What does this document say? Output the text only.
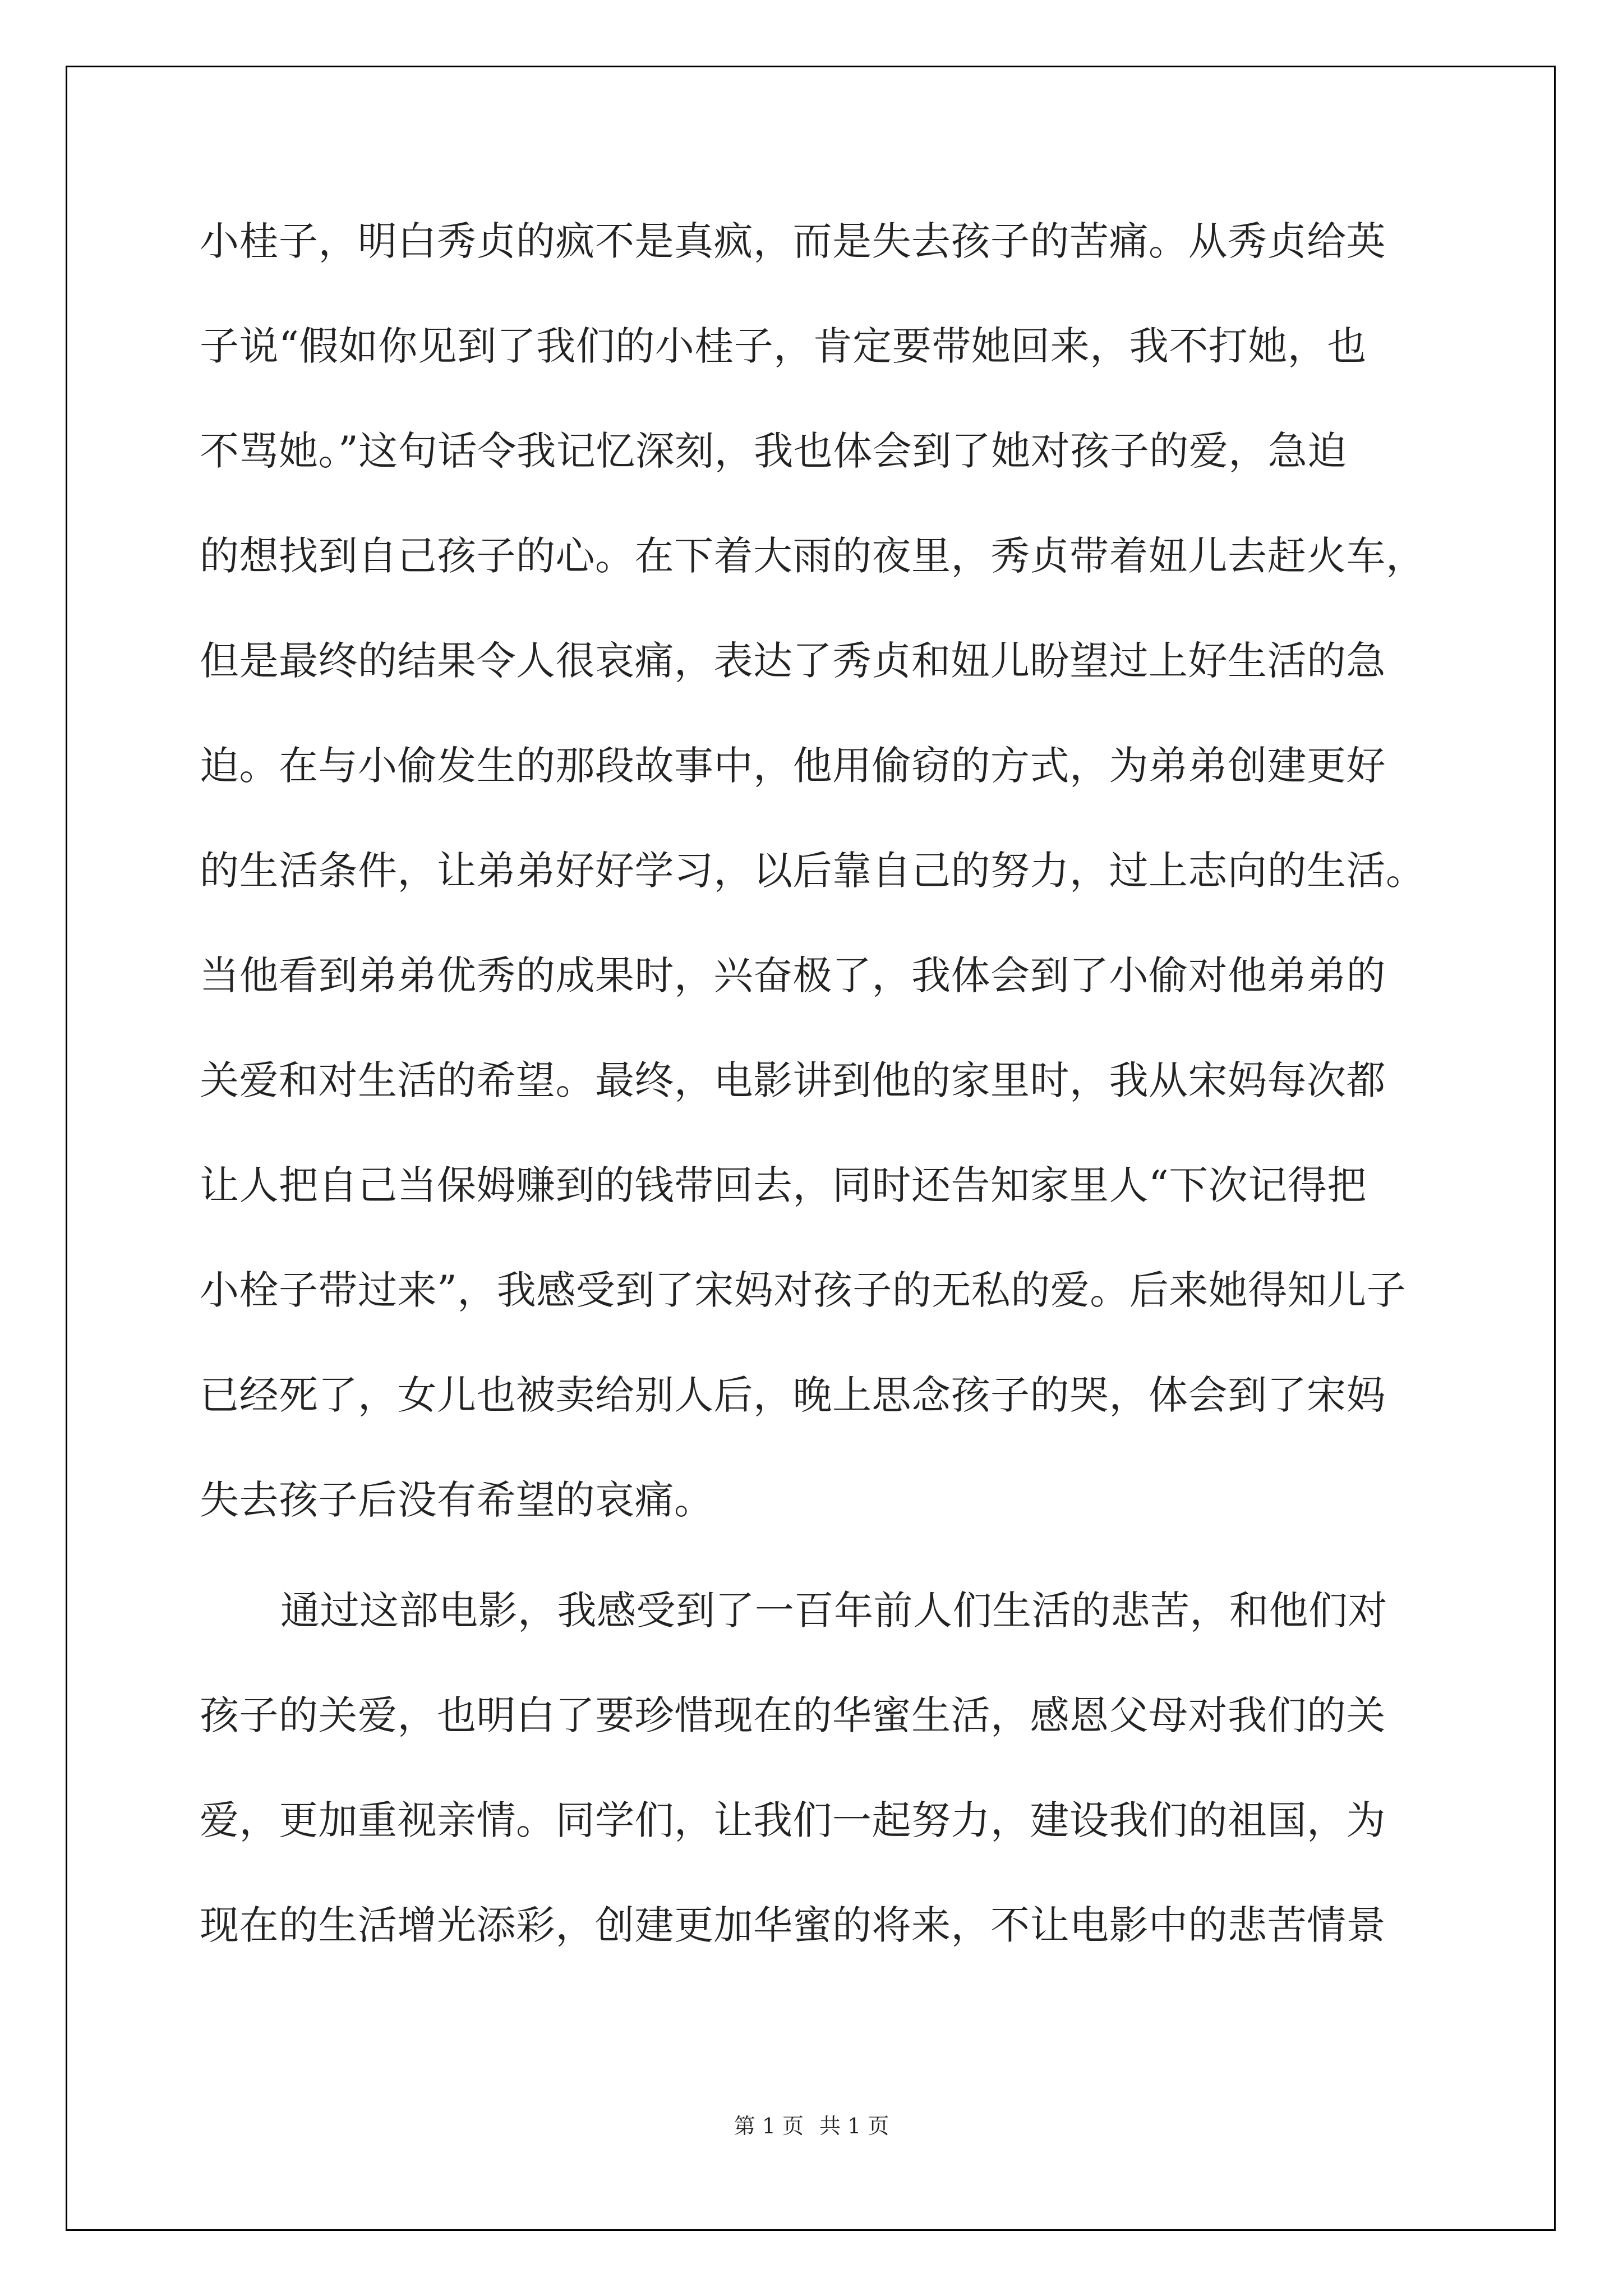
小桂子，明白秀贞的疯不是真疯，而是失去孩子的苦痛。从秀贞给英
子说“假如你见到了我们的小桂子，肯定要带她回来，我不打她，也
不骂她。”这句话令我记忆深刻，我也体会到了她对孩子的爱，急迫
的想找到自己孩子的心。在下着大雨的夜里，秀贞带着妞儿去赶火车，
但是最终的结果令人很哀痛，表达了秀贞和妞儿盼望过上好生活的急
迫。在与小偷发生的那段故事中，他用偷窃的方式，为弟弟创建更好
的生活条件，让弟弟好好学习，以后靠自己的努力，过上志向的生活。
当他看到弟弟优秀的成果时，兴奋极了，我体会到了小偷对他弟弟的
关爱和对生活的希望。最终，电影讲到他的家里时，我从宋妈每次都
让人把自己当保姆赚到的钱带回去，同时还告知家里人“下次记得把
小栓子带过来”，我感受到了宋妈对孩子的无私的爱。后来她得知儿子
已经死了，女儿也被卖给别人后，晚上思念孩子的哭，体会到了宋妈
失去孩子后没有希望的哀痛。
通过这部电影，我感受到了一百年前人们生活的悲苦，和他们对
孩子的关爱，也明白了要珍惜现在的华蜜生活，感恩父母对我们的关
爱，更加重视亲情。同学们，让我们一起努力，建设我们的祖国，为
现在的生活增光添彩，创建更加华蜜的将来，不让电影中的悲苦情景
第 1 页 共 1 页
